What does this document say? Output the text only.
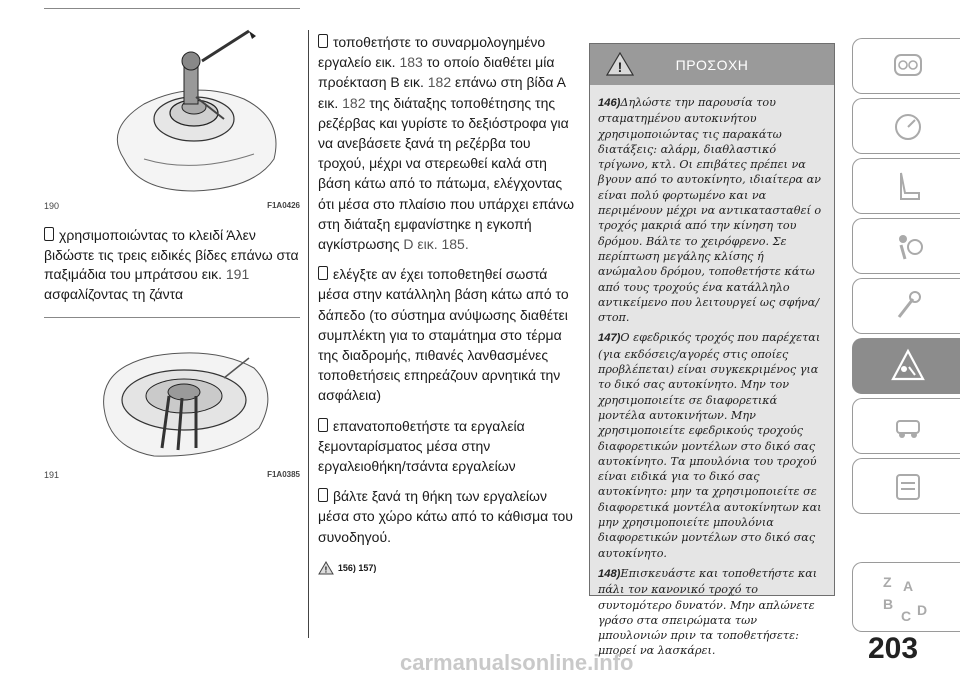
190	F1A0426

χρησιμοποιώντας το κλειδί Άλεν βιδώστε τις τρεις ειδικές βίδες επάνω στα παξιμάδια του μπράτσου εικ. 191 ασφαλίζοντας τη ζάντα

191	F1A0385

τοποθετήστε το συναρμολογημένο εργαλείο εικ. 183 το οποίο διαθέτει μία προέκταση Β εικ. 182 επάνω στη βίδα Α εικ. 182 της διάταξης τοποθέτησης της ρεζέρβας και γυρίστε το δεξιόστροφα για να ανεβάσετε ξανά τη ρεζέρβα του τροχού, μέχρι να στερεωθεί καλά στη βάση κάτω από το πάτωμα, ελέγχοντας ότι μέσα στο πλαίσιο που υπάρχει επάνω στη διάταξη εμφανίστηκε η εγκοπή αγκίστρωσης D εικ. 185.

ελέγξτε αν έχει τοποθετηθεί σωστά μέσα στην κατάλληλη βάση κάτω από το δάπεδο (το σύστημα ανύψωσης διαθέτει συμπλέκτη για το σταμάτημα στο τέρμα της διαδρομής, πιθανές λανθασμένες τοποθετήσεις επηρεάζουν αρνητικά την ασφάλεια)

επανατοποθετήστε τα εργαλεία ξεμονταρίσματος μέσα στην εργαλειοθήκη/τσάντα εργαλείων

βάλτε ξανά τη θήκη των εργαλείων μέσα στο χώρο κάτω από το κάθισμα του συνοδηγού.

! 156) 157)

!	ΠΡΟΣΟΧΗ

146)Δηλώστε την παρουσία του σταματημένου αυτοκινήτου χρησιμοποιώντας τις παρακάτω διατάξεις: αλάρμ, διαθλαστικό τρίγωνο, κτλ. Οι επιβάτες πρέπει να βγουν από το αυτοκίνητο, ιδιαίτερα αν είναι πολύ φορτωμένο και να περιμένουν μέχρι να αντικατασταθεί ο τροχός μακριά από την κίνηση του δρόμου. Βάλτε το χειρόφρενο. Σε περίπτωση μεγάλης κλίσης ή ανώμαλου δρόμου, τοποθετήστε κάτω από τους τροχούς ένα κατάλληλο αντικείμενο που λειτουργεί ως σφήνα/ στοπ.

147)Ο εφεδρικός τροχός που παρέχεται (για εκδόσεις/αγορές στις οποίες προβλέπεται) είναι συγκεκριμένος για το δικό σας αυτοκίνητο. Μην τον χρησιμοποιείτε σε διαφορετικά μοντέλα αυτοκινήτων. Μην χρησιμοποιείτε εφεδρικούς τροχούς διαφορετικών μοντέλων στο δικό σας αυτοκίνητο. Τα μπουλόνια του τροχού είναι ειδικά για το δικό σας αυτοκίνητο: μην τα χρησιμοποιείτε σε διαφορετικά μοντέλα αυτοκίνητων και μην χρησιμοποιείτε μπουλόνια διαφορετικών μοντέλων στο δικό σας αυτοκίνητο.

148)Επισκευάστε και τοποθετήστε και πάλι τον κανονικό τροχό το συντομότερο δυνατόν. Μην απλώνετε γράσο στα σπειρώματα των μπουλονιών πριν τα τοποθετήσετε: μπορεί να λασκάρει.

Z A
B
C D
203
carmanualsonline.info
